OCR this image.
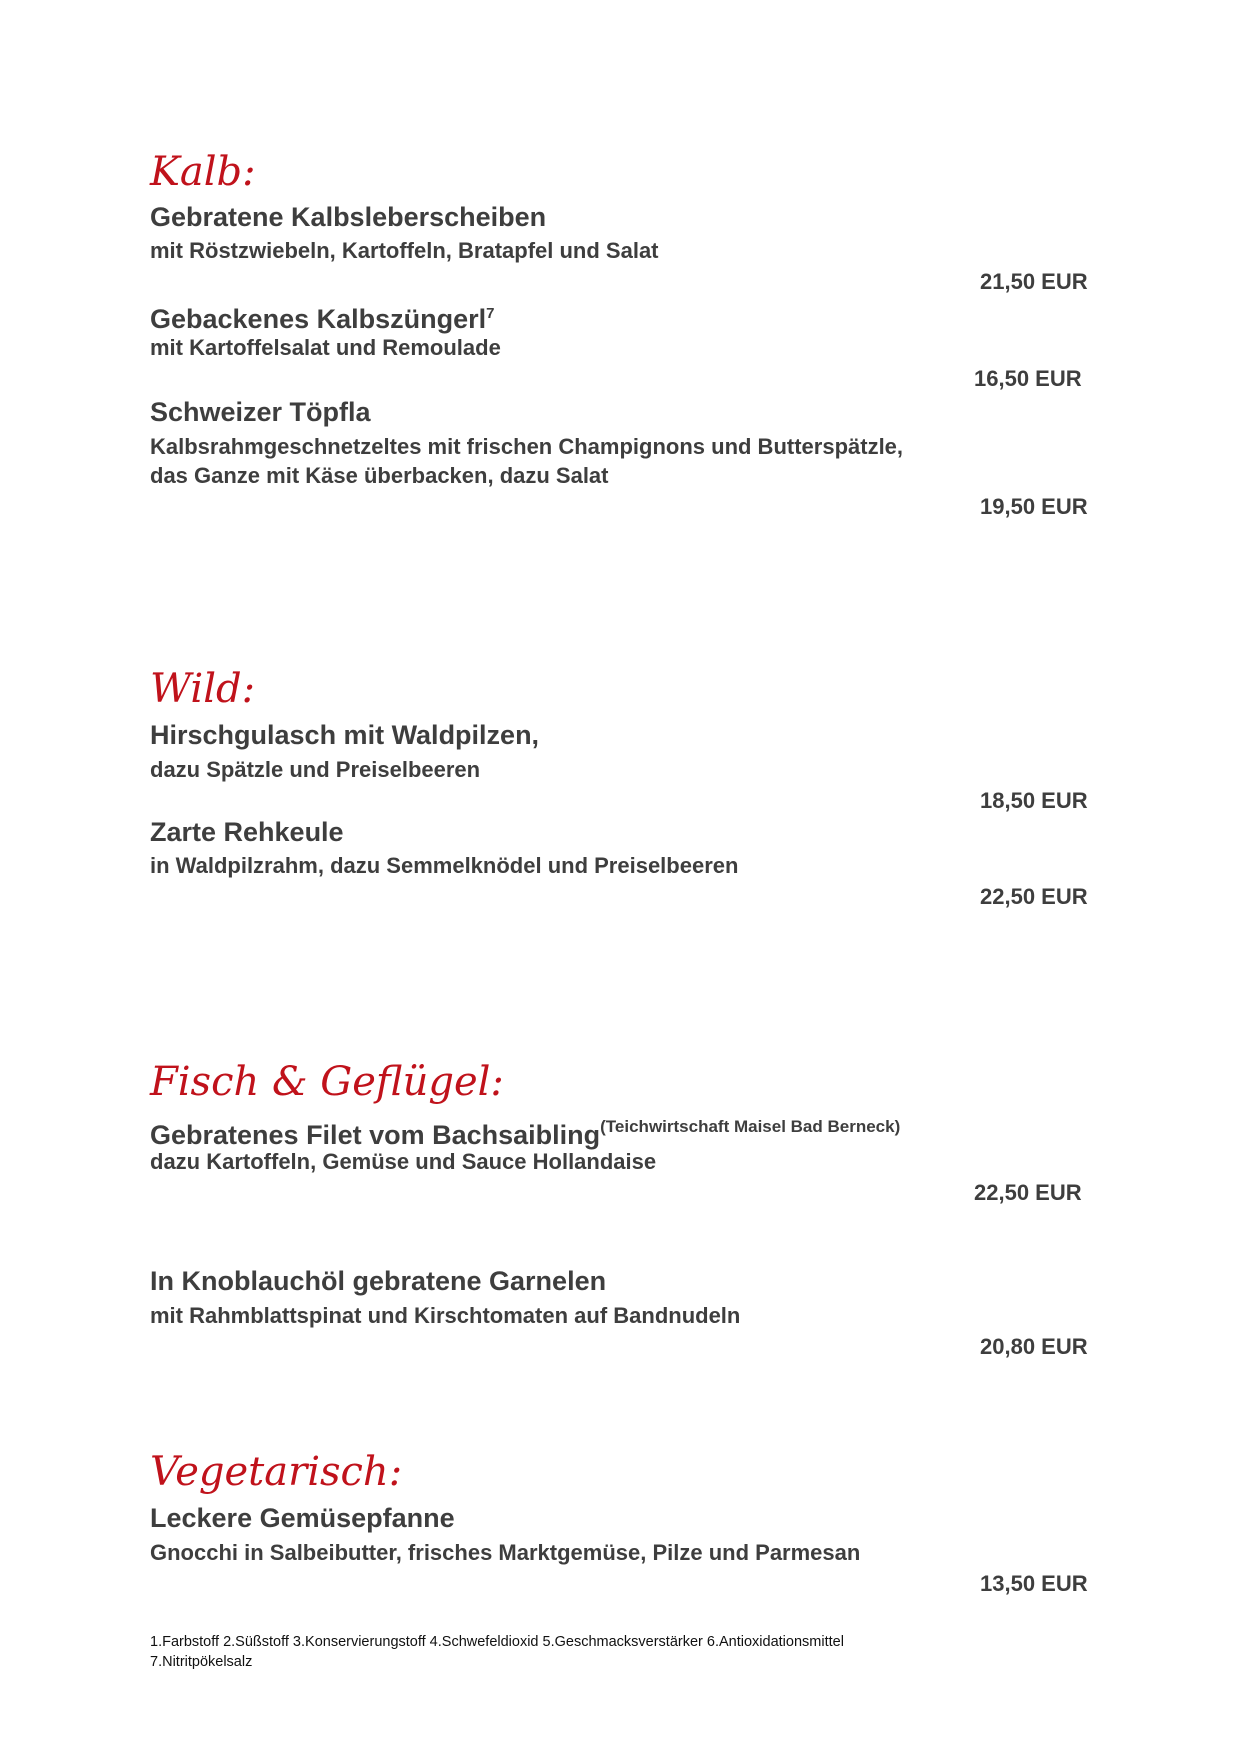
Kalb:
Gebratene Kalbsleberscheiben
mit Röstzwiebeln, Kartoffeln, Bratapfel und Salat
21,50 EUR
Gebackenes Kalbszüngerl$^7$
mit Kartoffelsalat und Remoulade
16,50 EUR
Schweizer Töpfla
Kalbsrahmgeschnetzeltes mit frischen Champignons und Butterspätzle,
das Ganze mit Käse überbacken, dazu Salat
19,50 EUR
Wild:
Hirschgulasch mit Waldpilzen,
dazu Spätzle und Preiselbeeren
18,50 EUR
Zarte Rehkeule
in Waldpilzrahm, dazu Semmelknödel und Preiselbeeren
22,50 EUR
Fisch & Geflügel:
Gebratenes Filet vom Bachsaibling$^{(Teichwirtschaft Maisel Bad Berneck)}$
dazu Kartoffeln, Gemüse und Sauce Hollandaise
22,50 EUR
In Knoblauchöl gebratene Garnelen
mit Rahmblattspinat und Kirschtomaten auf Bandnudeln
20,80 EUR
Vegetarisch:
Leckere Gemüsepfanne
Gnocchi in Salbeibutter, frisches Marktgemüse, Pilze und Parmesan
13,50 EUR
1.Farbstoff 2.Süßstoff 3.Konservierungstoff 4.Schwefeldioxid 5.Geschmacksverstärker 6.Antioxidationsmittel
7.Nitritpökelsalz
